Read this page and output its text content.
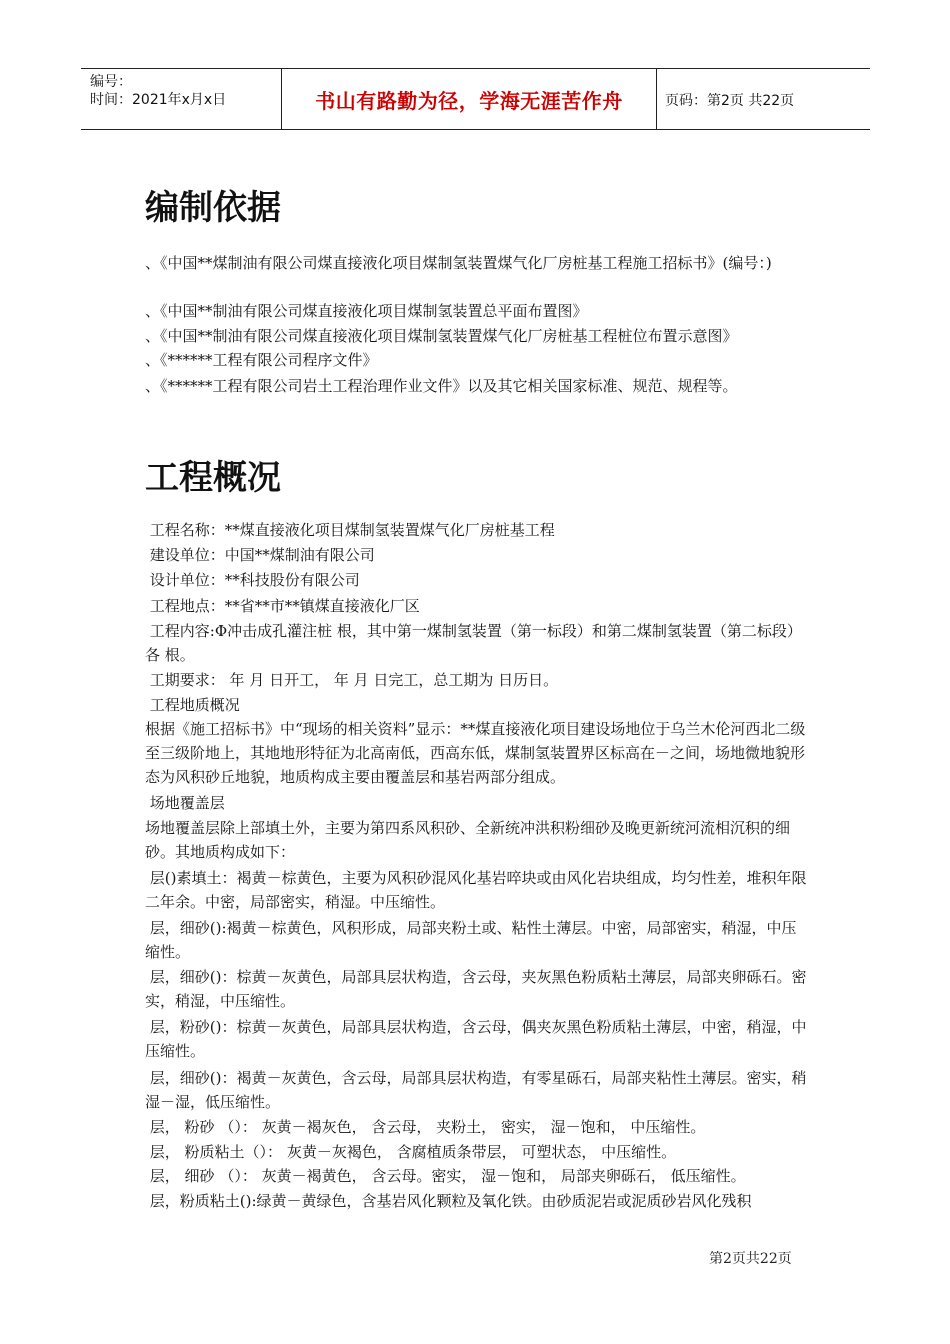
编号：
时间：2021年x月x日	书山有路勤为径，学海无涯苦作舟	页码：第2页 共22页
编制依据

、《中国**煤制油有限公司煤直接液化项目煤制氢装置煤气化厂房桩基工程施工招标书》(编号：)

、《中国**制油有限公司煤直接液化项目煤制氢装置总平面布置图》

、《中国**制油有限公司煤直接液化项目煤制氢装置煤气化厂房桩基工程桩位布置示意图》

、《******工程有限公司程序文件》

、《******工程有限公司岩土工程治理作业文件》以及其它相关国家标准、规范、规程等。

工程概况

工程名称：**煤直接液化项目煤制氢装置煤气化厂房桩基工程

建设单位：中国**煤制油有限公司

设计单位：**科技股份有限公司

工程地点：**省**市**镇煤直接液化厂区

工程内容:Φ冲击成孔灌注桩 根，其中第一煤制氢装置（第一标段）和第二煤制氢装置（第二标段）各 根。

工期要求： 年 月 日开工， 年 月 日完工，总工期为 日历日。

工程地质概况

根据《施工招标书》中“现场的相关资料”显示：**煤直接液化项目建设场地位于乌兰木伦河西北二级至三级阶地上，其地地形特征为北高南低，西高东低，煤制氢装置界区标高在－之间，场地微地貌形态为风积砂丘地貌，地质构成主要由覆盖层和基岩两部分组成。

场地覆盖层

场地覆盖层除上部填土外，主要为第四系风积砂、全新统冲洪积粉细砂及晚更新统河流相沉积的细砂。其地质构成如下：

层()素填土：褐黄－棕黄色，主要为风积砂混风化基岩啐块或由风化岩块组成，均匀性差，堆积年限二年余。中密，局部密实，稍湿。中压缩性。

层，细砂():褐黄－棕黄色，风积形成，局部夹粉土或、粘性土薄层。中密，局部密实，稍湿，中压缩性。

层，细砂()：棕黄－灰黄色，局部具层状构造，含云母，夹灰黑色粉质粘土薄层，局部夹卵砾石。密实，稍湿，中压缩性。

层，粉砂()：棕黄－灰黄色，局部具层状构造，含云母，偶夹灰黑色粉质粘土薄层，中密，稍湿，中压缩性。

层，细砂()：褐黄－灰黄色，含云母，局部具层状构造，有零星砾石，局部夹粘性土薄层。密实，稍湿－湿，低压缩性。

层， 粉砂 （）： 灰黄－褐灰色， 含云母， 夹粉土， 密实， 湿－饱和， 中压缩性。

层， 粉质粘土（）： 灰黄－灰褐色， 含腐植质条带层， 可塑状态， 中压缩性。

层， 细砂 （）： 灰黄－褐黄色， 含云母。密实， 湿－饱和， 局部夹卵砾石， 低压缩性。

层，粉质粘土():绿黄－黄绿色，含基岩风化颗粒及氧化铁。由砂质泥岩或泥质砂岩风化残积

第2页共22页
